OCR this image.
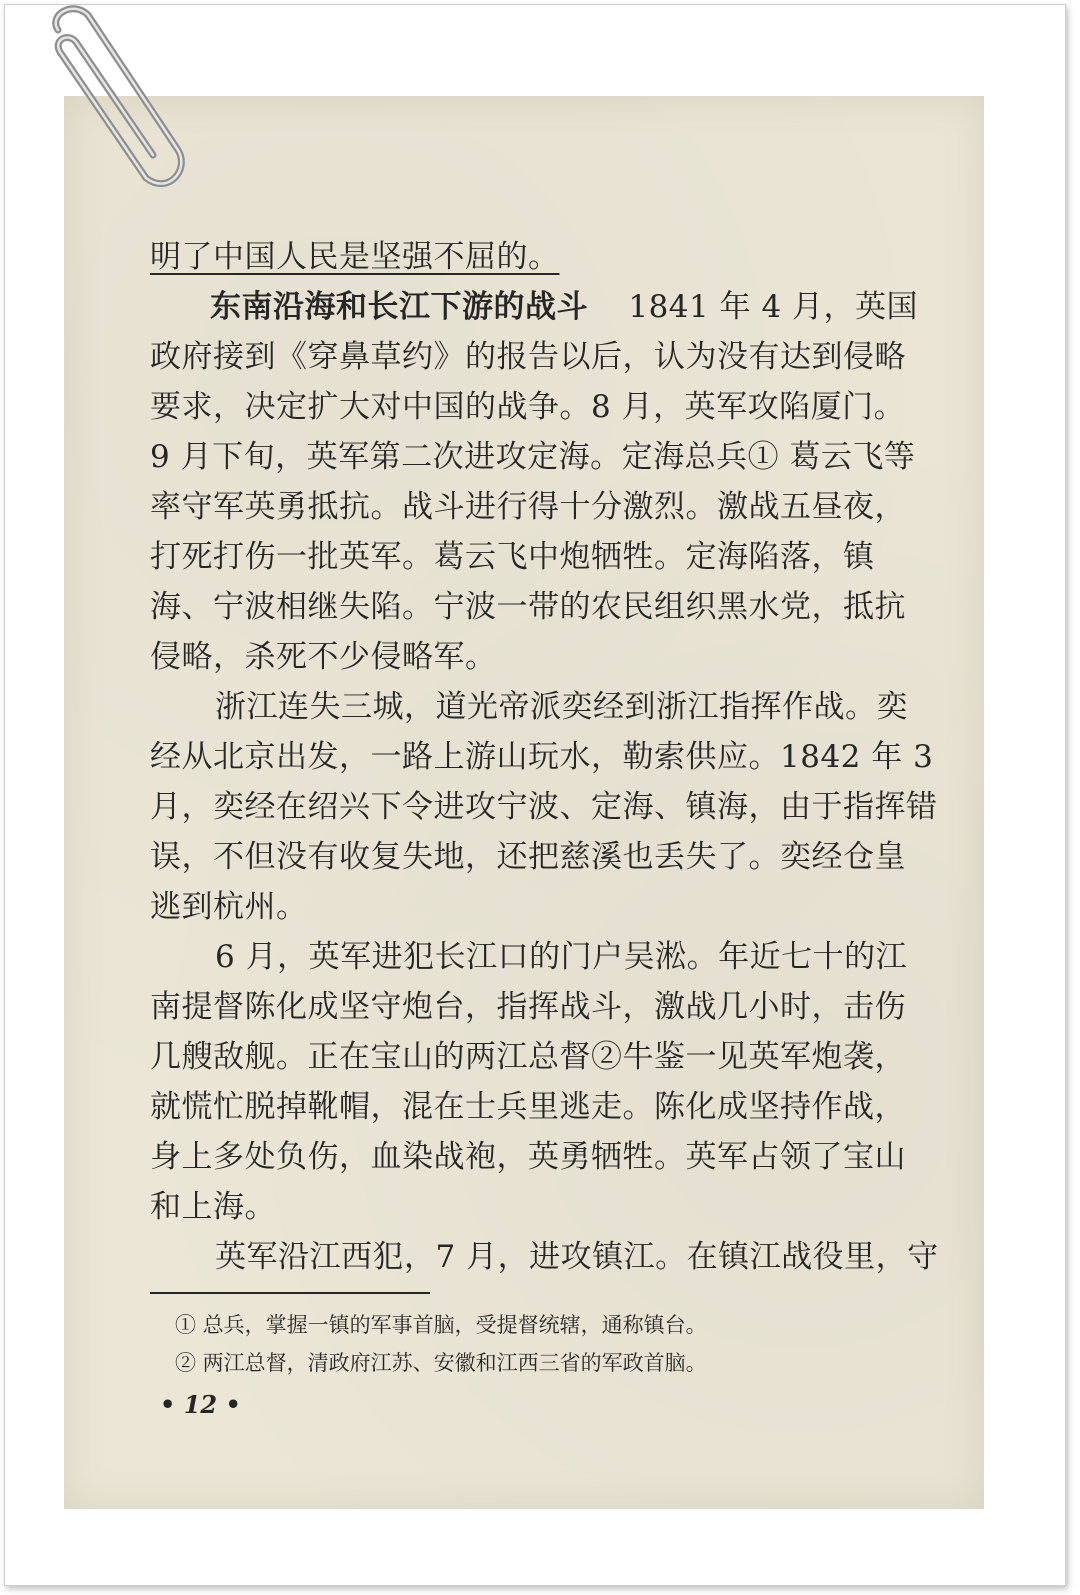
明了中国人民是坚强不屈的。
东南沿海和长江下游的战斗 1841 年 4 月，英国
政府接到《穿鼻草约》的报告以后，认为没有达到侵略
要求，决定扩大对中国的战争。8 月，英军攻陷厦门。
9 月下旬，英军第二次进攻定海。定海总兵① 葛云飞等
率守军英勇抵抗。战斗进行得十分激烈。激战五昼夜，
打死打伤一批英军。葛云飞中炮牺牲。定海陷落，镇
海、宁波相继失陷。宁波一带的农民组织黑水党，抵抗
侵略，杀死不少侵略军。
浙江连失三城，道光帝派奕经到浙江指挥作战。奕
经从北京出发，一路上游山玩水，勒索供应。1842 年 3
月，奕经在绍兴下令进攻宁波、定海、镇海，由于指挥错
误，不但没有收复失地，还把慈溪也丢失了。奕经仓皇
逃到杭州。
6 月，英军进犯长江口的门户吴淞。年近七十的江
南提督陈化成坚守炮台，指挥战斗，激战几小时，击伤
几艘敌舰。正在宝山的两江总督②牛鉴一见英军炮袭，
就慌忙脱掉靴帽，混在士兵里逃走。陈化成坚持作战，
身上多处负伤，血染战袍，英勇牺牲。英军占领了宝山
和上海。
英军沿江西犯，7 月，进攻镇江。在镇江战役里，守
① 总兵，掌握一镇的军事首脑，受提督统辖，通称镇台。
② 两江总督，清政府江苏、安徽和江西三省的军政首脑。
• 12 •
